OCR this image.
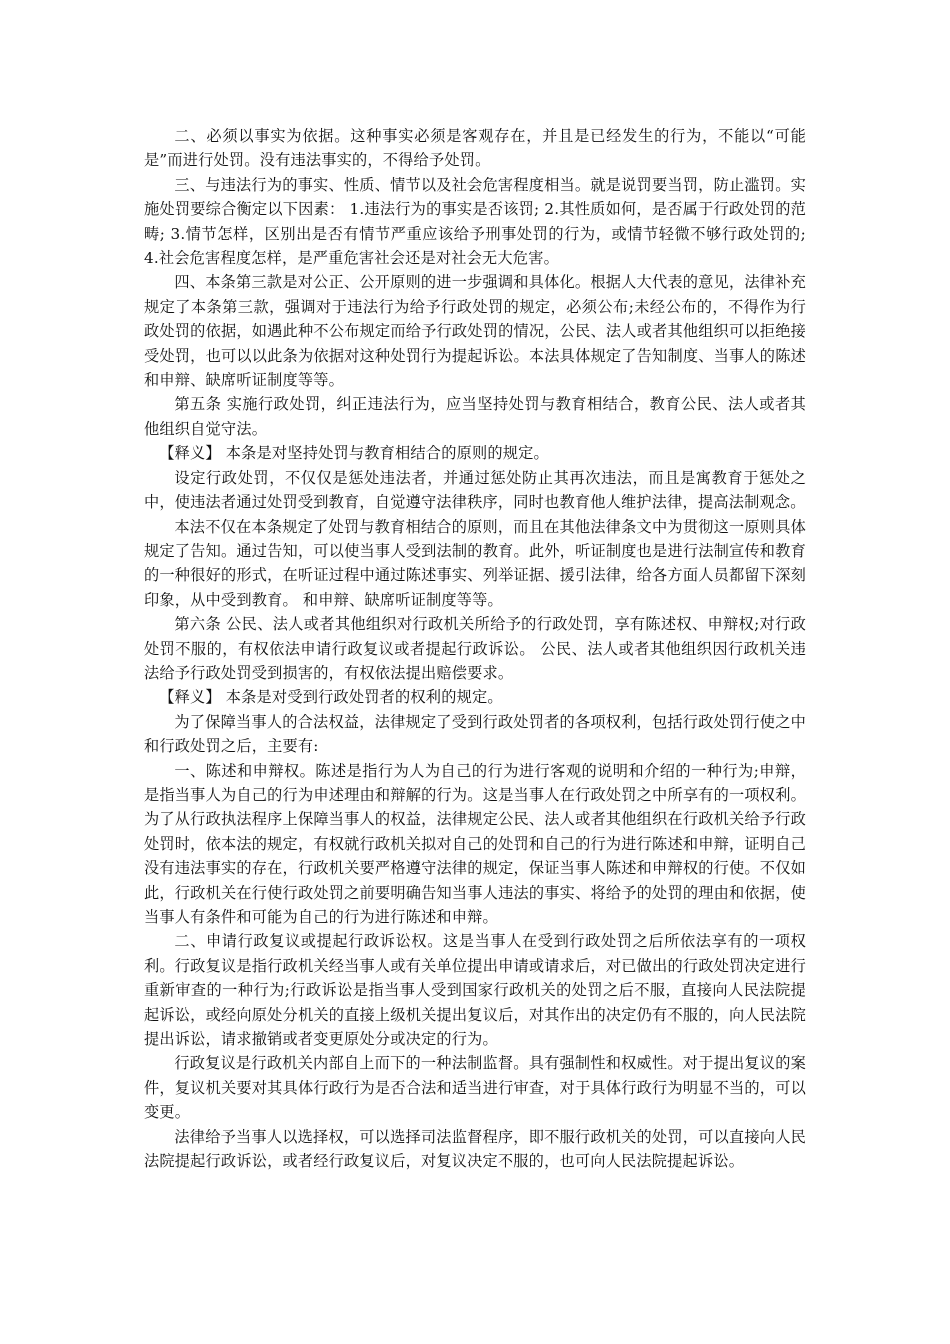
二、必须以事实为依据。这种事实必须是客观存在，并且是已经发生的行为，不能以“可能是”而进行处罚。没有违法事实的，不得给予处罚。

三、与违法行为的事实、性质、情节以及社会危害程度相当。就是说罚要当罚，防止滥罚。实施处罚要综合衡定以下因素： 1.违法行为的事实是否该罚; 2.其性质如何，是否属于行政处罚的范畴; 3.情节怎样，区别出是否有情节严重应该给予刑事处罚的行为，或情节轻微不够行政处罚的; 4.社会危害程度怎样，是严重危害社会还是对社会无大危害。

四、本条第三款是对公正、公开原则的进一步强调和具体化。根据人大代表的意见，法律补充规定了本条第三款，强调对于违法行为给予行政处罚的规定，必须公布;未经公布的，不得作为行政处罚的依据，如遇此种不公布规定而给予行政处罚的情况，公民、法人或者其他组织可以拒绝接受处罚，也可以以此条为依据对这种处罚行为提起诉讼。本法具体规定了告知制度、当事人的陈述和申辩、缺席听证制度等等。

第五条 实施行政处罚，纠正违法行为，应当坚持处罚与教育相结合，教育公民、法人或者其他组织自觉守法。

【释义】 本条是对坚持处罚与教育相结合的原则的规定。

设定行政处罚，不仅仅是惩处违法者，并通过惩处防止其再次违法，而且是寓教育于惩处之中，使违法者通过处罚受到教育，自觉遵守法律秩序，同时也教育他人维护法律，提高法制观念。

本法不仅在本条规定了处罚与教育相结合的原则，而且在其他法律条文中为贯彻这一原则具体规定了告知。通过告知，可以使当事人受到法制的教育。此外，听证制度也是进行法制宣传和教育的一种很好的形式，在听证过程中通过陈述事实、列举证据、援引法律，给各方面人员都留下深刻印象，从中受到教育。 和申辩、缺席听证制度等等。

第六条 公民、法人或者其他组织对行政机关所给予的行政处罚，享有陈述权、申辩权;对行政处罚不服的，有权依法申请行政复议或者提起行政诉讼。 公民、法人或者其他组织因行政机关违法给予行政处罚受到损害的，有权依法提出赔偿要求。

【释义】 本条是对受到行政处罚者的权利的规定。

为了保障当事人的合法权益，法律规定了受到行政处罚者的各项权利，包括行政处罚行使之中和行政处罚之后，主要有:

一、陈述和申辩权。陈述是指行为人为自己的行为进行客观的说明和介绍的一种行为;申辩，是指当事人为自己的行为申述理由和辩解的行为。这是当事人在行政处罚之中所享有的一项权利。为了从行政执法程序上保障当事人的权益，法律规定公民、法人或者其他组织在行政机关给予行政处罚时，依本法的规定，有权就行政机关拟对自己的处罚和自己的行为进行陈述和申辩，证明自己没有违法事实的存在，行政机关要严格遵守法律的规定，保证当事人陈述和申辩权的行使。不仅如此，行政机关在行使行政处罚之前要明确告知当事人违法的事实、将给予的处罚的理由和依据，使当事人有条件和可能为自己的行为进行陈述和申辩。

二、申请行政复议或提起行政诉讼权。这是当事人在受到行政处罚之后所依法享有的一项权利。行政复议是指行政机关经当事人或有关单位提出申请或请求后，对已做出的行政处罚决定进行重新审查的一种行为;行政诉讼是指当事人受到国家行政机关的处罚之后不服，直接向人民法院提起诉讼，或经向原处分机关的直接上级机关提出复议后，对其作出的决定仍有不服的，向人民法院提出诉讼，请求撤销或者变更原处分或决定的行为。

行政复议是行政机关内部自上而下的一种法制监督。具有强制性和权威性。对于提出复议的案件，复议机关要对其具体行政行为是否合法和适当进行审查，对于具体行政行为明显不当的，可以变更。

法律给予当事人以选择权，可以选择司法监督程序，即不服行政机关的处罚，可以直接向人民法院提起行政诉讼，或者经行政复议后，对复议决定不服的，也可向人民法院提起诉讼。
